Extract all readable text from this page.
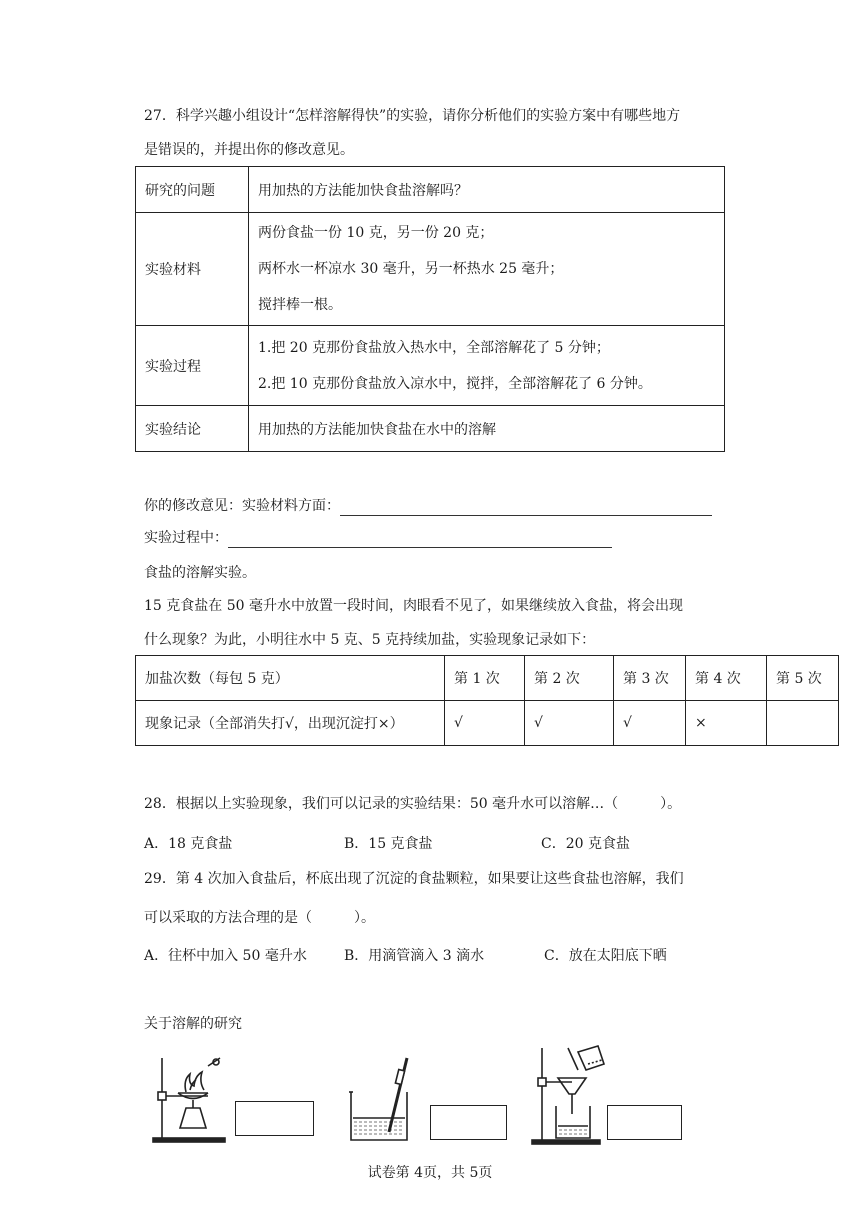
27．科学兴趣小组设计“怎样溶解得快”的实验，请你分析他们的实验方案中有哪些地方
是错误的，并提出你的修改意见。
研究的问题	用加热的方法能加快食盐溶解吗？
实验材料	两份食盐一份 10 克，另一份 20 克；
两杯水一杯凉水 30 毫升，另一杯热水 25 毫升；
搅拌棒一根。

实验过程	1.把 20 克那份食盐放入热水中，全部溶解花了 5 分钟；
2.把 10 克那份食盐放入凉水中，搅拌，全部溶解花了 6 分钟。

实验结论	用加热的方法能加快食盐在水中的溶解
你的修改意见：实验材料方面：
实验过程中：
食盐的溶解实验。
15 克食盐在 50 毫升水中放置一段时间，肉眼看不见了，如果继续放入食盐，将会出现
什么现象？为此，小明往水中 5 克、5 克持续加盐，实验现象记录如下：
加盐次数（每包 5 克）	第 1 次	第 2 次	第 3 次	第 4 次	第 5 次
现象记录（全部消失打√，出现沉淀打×）	√	√	√	×	
28．根据以上实验现象，我们可以记录的实验结果：50 毫升水可以溶解…（　　　）。
A．18 克食盐	B．15 克食盐	C．20 克食盐
29．第 4 次加入食盐后，杯底出现了沉淀的食盐颗粒，如果要让这些食盐也溶解，我们
可以采取的方法合理的是（　　　）。
A．往杯中加入 50 毫升水	B．用滴管滴入 3 滴水	C．放在太阳底下晒
关于溶解的研究
试卷第 4页，共 5页
